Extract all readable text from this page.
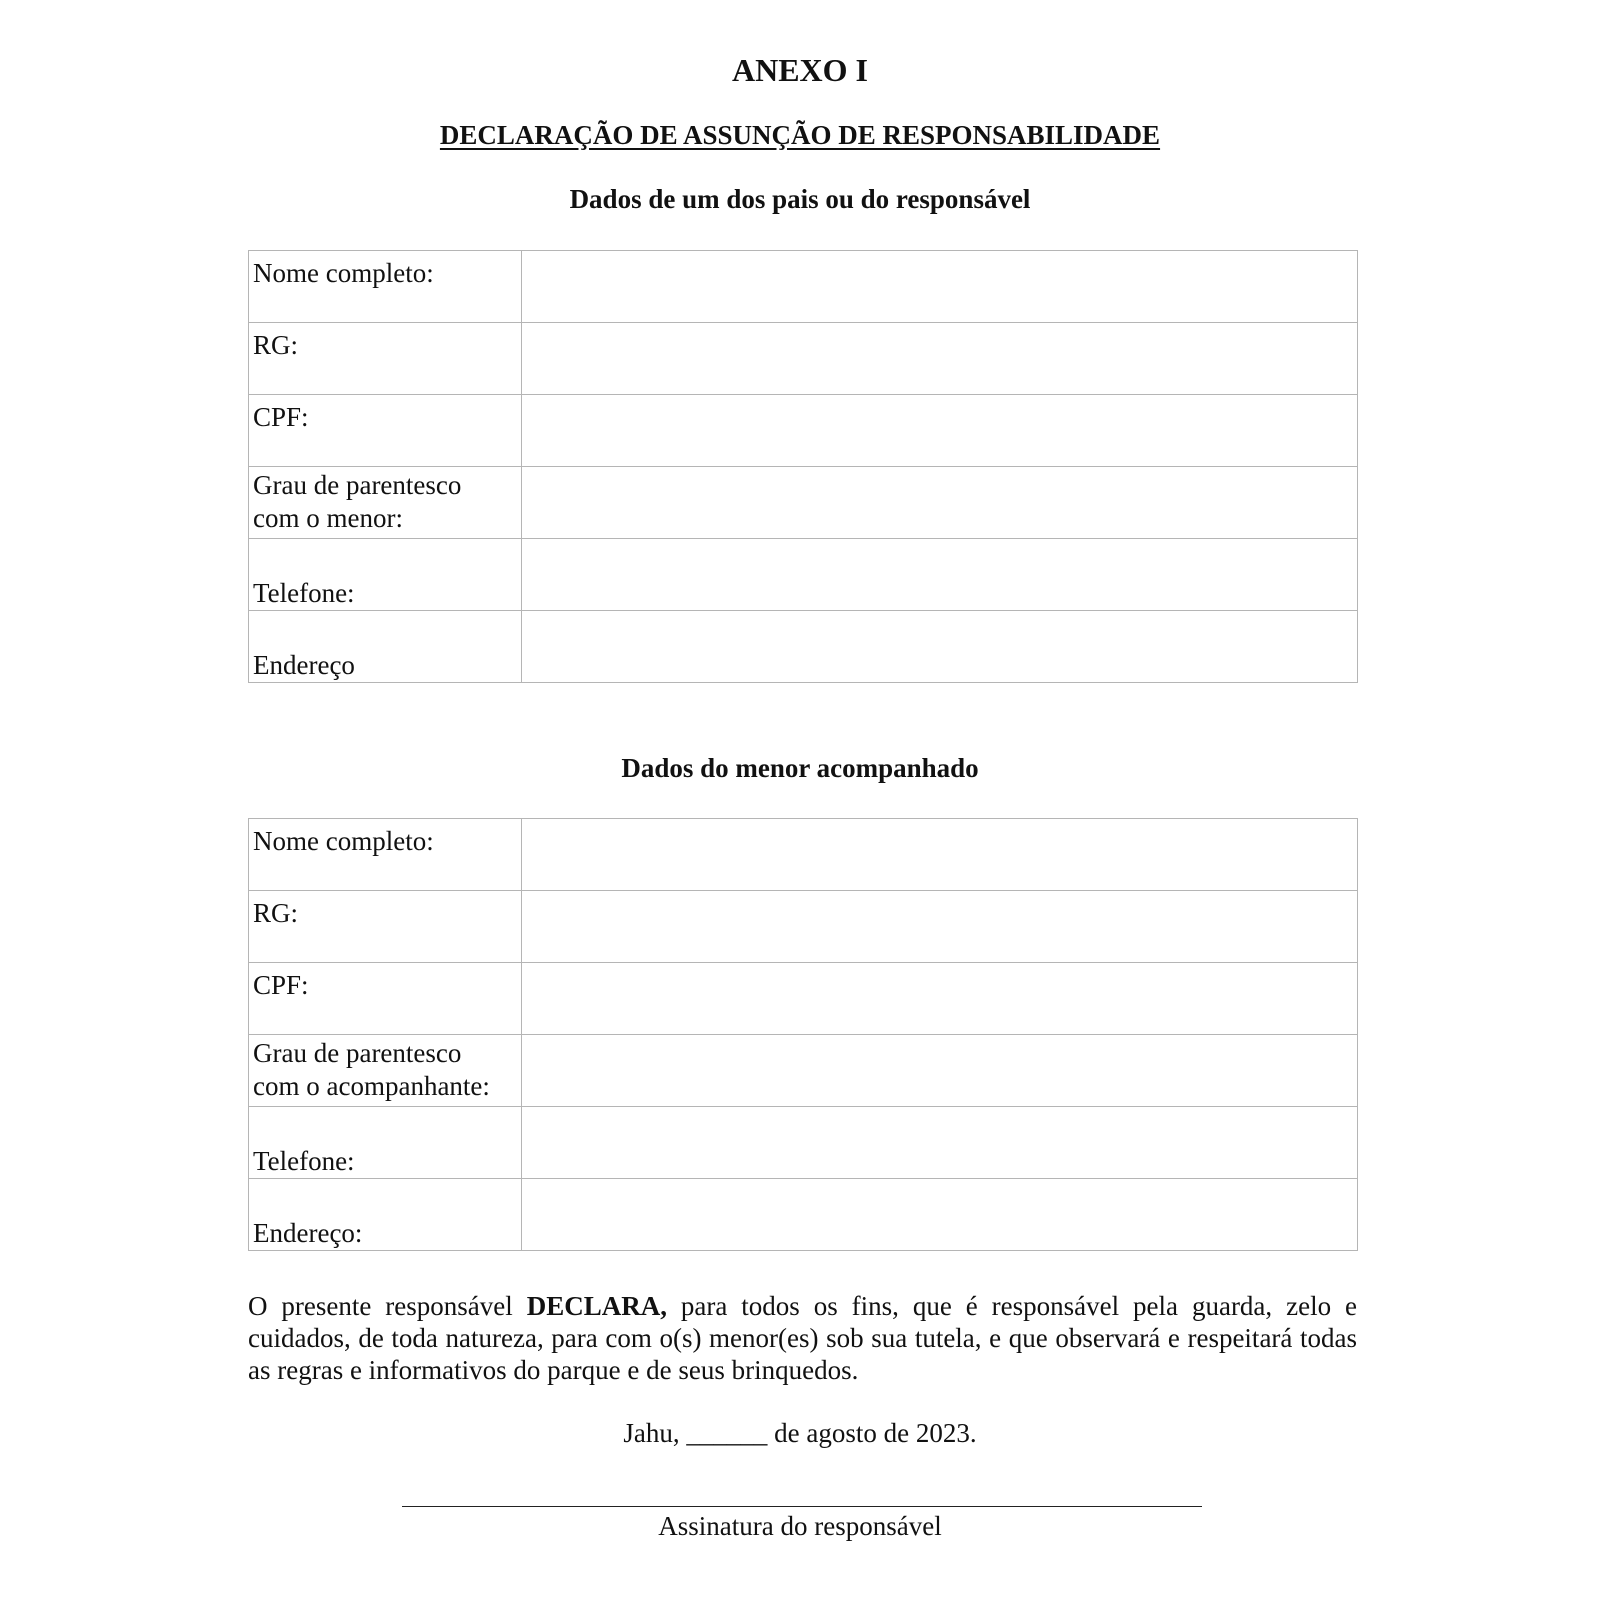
ANEXO I
DECLARAÇÃO DE ASSUNÇÃO DE RESPONSABILIDADE
Dados de um dos pais ou do responsável
Nome completo:	
RG:	
CPF:	

Grau de parentesco
com o menor:	

Telefone:	
Endereço	
Dados do menor acompanhado
Nome completo:	
RG:	
CPF:	

Grau de parentesco
com o acompanhante:	

Telefone:	
Endereço:	
O presente responsável DECLARA, para todos os fins, que é responsável pela guarda, zelo e cuidados, de toda natureza, para com o(s) menor(es) sob sua tutela, e que observará e respeitará todas as regras e informativos do parque e de seus brinquedos.
Jahu, ______ de agosto de 2023.
Assinatura do responsável
